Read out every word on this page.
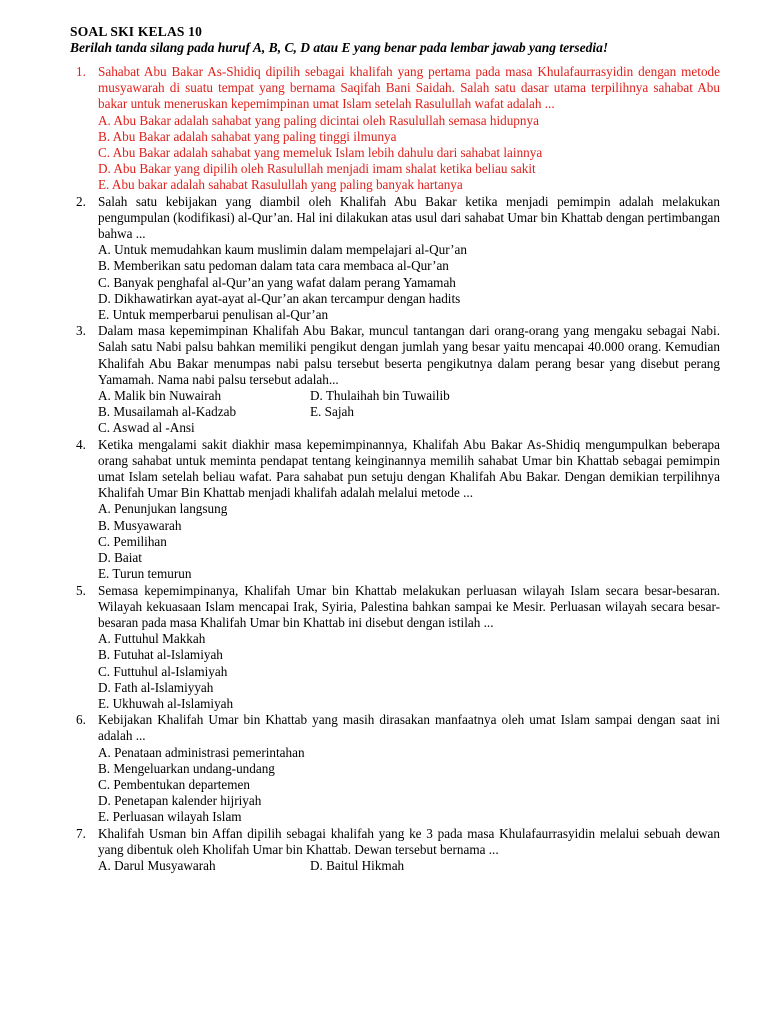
SOAL SKI KELAS 10
Berilah tanda silang pada huruf A, B, C, D atau E yang benar pada lembar jawab yang tersedia!
1. Sahabat Abu Bakar As-Shidiq dipilih sebagai khalifah yang pertama pada masa Khulafaurrasyidin dengan metode musyawarah di suatu tempat yang bernama Saqifah Bani Saidah. Salah satu dasar utama terpilihnya sahabat Abu bakar untuk meneruskan kepemimpinan umat Islam setelah Rasulullah wafat adalah ...
A. Abu Bakar adalah sahabat yang paling dicintai oleh Rasulullah semasa hidupnya
B. Abu Bakar adalah sahabat yang paling tinggi ilmunya
C. Abu Bakar adalah sahabat yang memeluk Islam lebih dahulu dari sahabat lainnya
D. Abu Bakar yang dipilih oleh Rasulullah menjadi imam shalat ketika beliau sakit
E. Abu bakar adalah sahabat Rasulullah yang paling banyak hartanya
2. Salah satu kebijakan yang diambil oleh Khalifah Abu Bakar ketika menjadi pemimpin adalah melakukan pengumpulan (kodifikasi) al-Qur’an. Hal ini dilakukan atas usul dari sahabat Umar bin Khattab dengan pertimbangan bahwa ...
A. Untuk memudahkan kaum muslimin dalam mempelajari al-Qur’an
B. Memberikan satu pedoman dalam tata cara membaca al-Qur’an
C. Banyak penghafal al-Qur’an yang wafat dalam perang Yamamah
D. Dikhawatirkan ayat-ayat al-Qur’an akan tercampur dengan hadits
E. Untuk memperbarui penulisan al-Qur’an
3. Dalam masa kepemimpinan Khalifah Abu Bakar, muncul tantangan dari orang-orang yang mengaku sebagai Nabi. Salah satu Nabi palsu bahkan memiliki pengikut dengan jumlah yang besar yaitu mencapai 40.000 orang. Kemudian Khalifah Abu Bakar menumpas nabi palsu tersebut beserta pengikutnya dalam perang besar yang disebut perang Yamamah. Nama nabi palsu tersebut adalah...
A. Malik bin Nuwairah	D. Thulaihah bin Tuwailib
B. Musailamah al-Kadzab	E. Sajah
C. Aswad al -Ansi
4. Ketika mengalami sakit diakhir masa kepemimpinannya, Khalifah Abu Bakar As-Shidiq mengumpulkan beberapa orang sahabat untuk meminta pendapat tentang keinginannya memilih sahabat Umar bin Khattab sebagai pemimpin umat Islam setelah beliau wafat. Para sahabat pun setuju dengan Khalifah Abu Bakar. Dengan demikian terpilihnya Khalifah Umar Bin Khattab menjadi khalifah adalah melalui metode ...
A. Penunjukan langsung
B. Musyawarah
C. Pemilihan
D. Baiat
E. Turun temurun
5. Semasa kepemimpinanya, Khalifah Umar bin Khattab melakukan perluasan wilayah Islam secara besar-besaran. Wilayah kekuasaan Islam mencapai Irak, Syiria, Palestina bahkan sampai ke Mesir. Perluasan wilayah secara besar-besaran pada masa Khalifah Umar bin Khattab ini disebut dengan istilah ...
A. Futtuhul Makkah
B. Futuhat al-Islamiyah
C. Futtuhul al-Islamiyah
D. Fath al-Islamiyyah
E. Ukhuwah al-Islamiyah
6. Kebijakan Khalifah Umar bin Khattab yang masih dirasakan manfaatnya oleh umat Islam sampai dengan saat ini adalah ...
A. Penataan administrasi pemerintahan
B. Mengeluarkan undang-undang
C. Pembentukan departemen
D. Penetapan kalender hijriyah
E. Perluasan wilayah Islam
7. Khalifah Usman bin Affan dipilih sebagai khalifah yang ke 3 pada masa Khulafaurrasyidin melalui sebuah dewan yang dibentuk oleh Kholifah Umar bin Khattab. Dewan tersebut bernama ...
A. Darul Musyawarah	D. Baitul Hikmah
